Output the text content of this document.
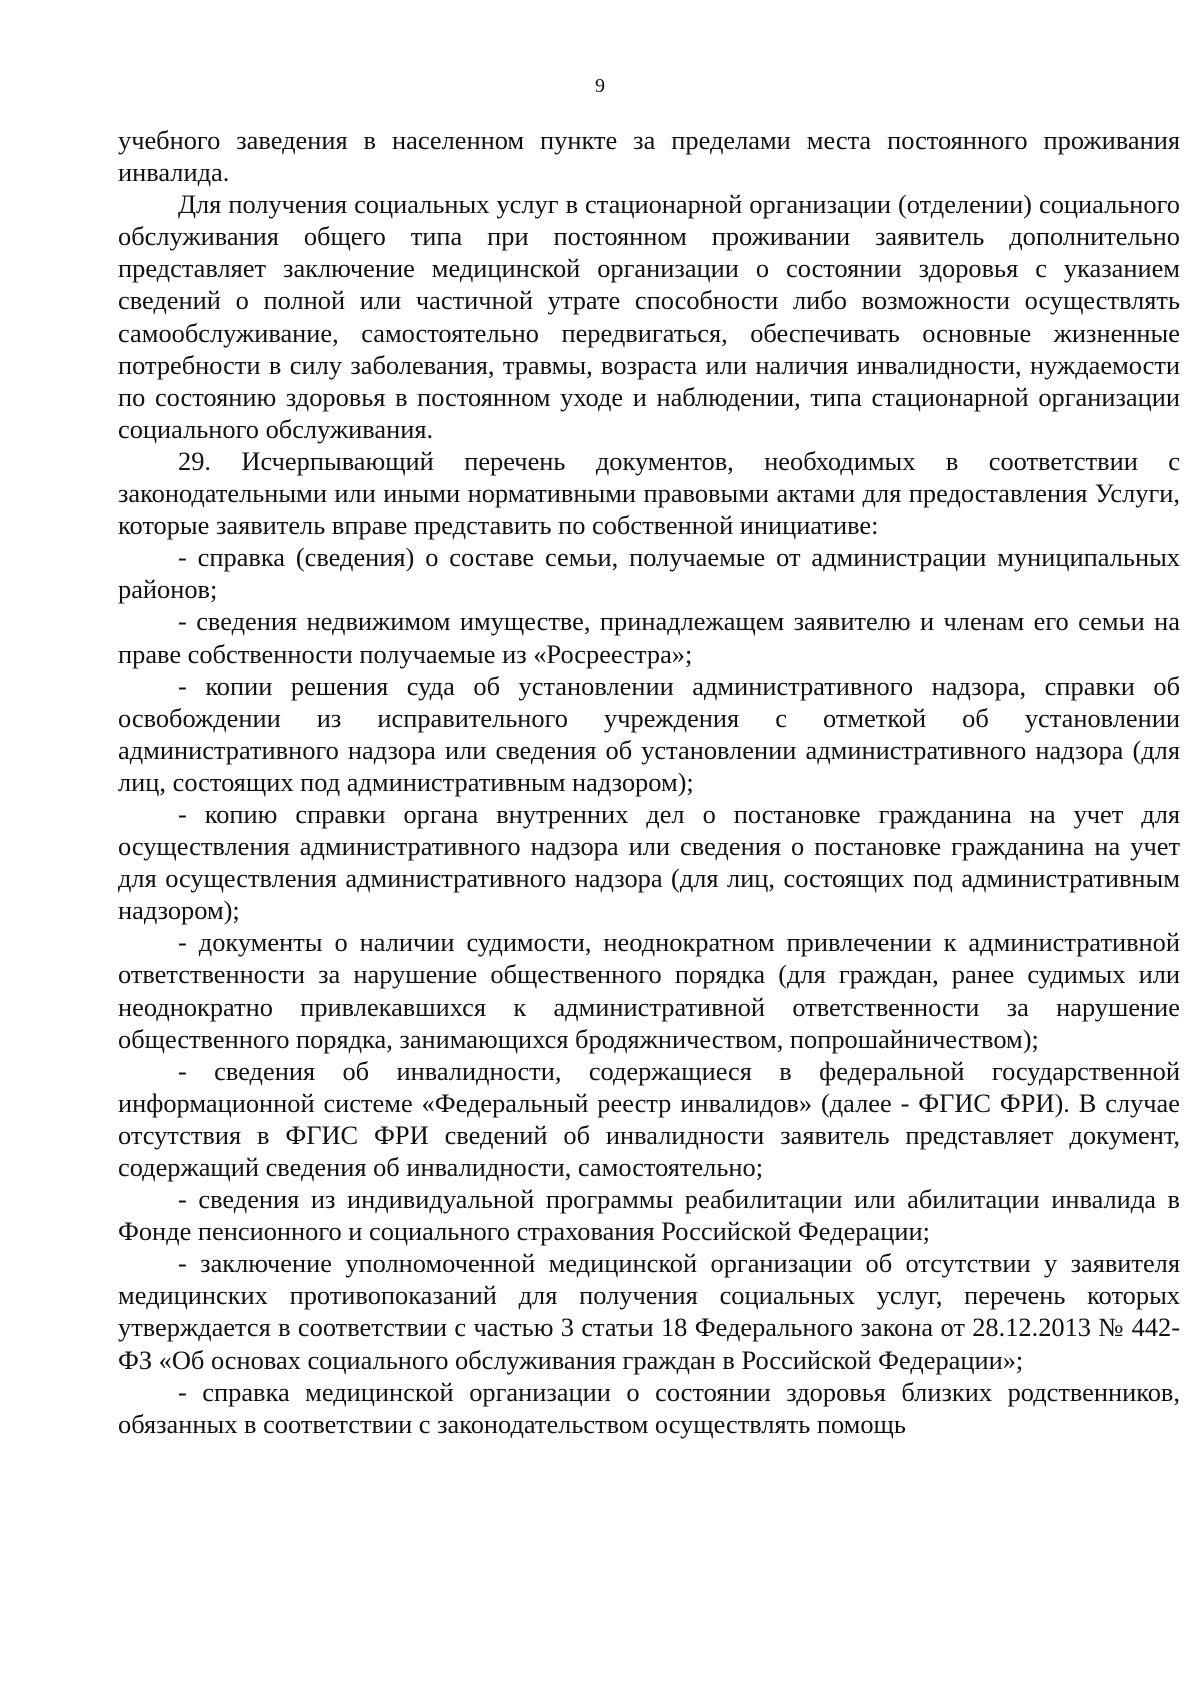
9

учебного заведения в населенном пункте за пределами места постоянного проживания инвалида.

Для получения социальных услуг в стационарной организации (отделении) социального обслуживания общего типа при постоянном проживании заявитель дополнительно представляет заключение медицинской организации о состоянии здоровья с указанием сведений о полной или частичной утрате способности либо возможности осуществлять самообслуживание, самостоятельно передвигаться, обеспечивать основные жизненные потребности в силу заболевания, травмы, возраста или наличия инвалидности, нуждаемости по состоянию здоровья в постоянном уходе и наблюдении, типа стационарной организации социального обслуживания.

29. Исчерпывающий перечень документов, необходимых в соответствии с законодательными или иными нормативными правовыми актами для предоставления Услуги, которые заявитель вправе представить по собственной инициативе:

- справка (сведения) о составе семьи, получаемые от администрации муниципальных районов;

- сведения недвижимом имуществе, принадлежащем заявителю и членам его семьи на праве собственности получаемые из «Росреестра»;

- копии решения суда об установлении административного надзора, справки об освобождении из исправительного учреждения с отметкой об установлении административного надзора или сведения об установлении административного надзора (для лиц, состоящих под административным надзором);

- копию справки органа внутренних дел о постановке гражданина на учет для осуществления административного надзора или сведения о постановке гражданина на учет для осуществления административного надзора (для лиц, состоящих под административным надзором);

- документы о наличии судимости, неоднократном привлечении к административной ответственности за нарушение общественного порядка (для граждан, ранее судимых или неоднократно привлекавшихся к административной ответственности за нарушение общественного порядка, занимающихся бродяжничеством, попрошайничеством);

- сведения об инвалидности, содержащиеся в федеральной государственной информационной системе «Федеральный реестр инвалидов» (далее - ФГИС ФРИ). В случае отсутствия в ФГИС ФРИ сведений об инвалидности заявитель представляет документ, содержащий сведения об инвалидности, самостоятельно;

- сведения из индивидуальной программы реабилитации или абилитации инвалида в Фонде пенсионного и социального страхования Российской Федерации;

- заключение уполномоченной медицинской организации об отсутствии у заявителя медицинских противопоказаний для получения социальных услуг, перечень которых утверждается в соответствии с частью 3 статьи 18 Федерального закона от 28.12.2013 № 442-ФЗ «Об основах социального обслуживания граждан в Российской Федерации»;

- справка медицинской организации о состоянии здоровья близких родственников, обязанных в соответствии с законодательством осуществлять помощь
